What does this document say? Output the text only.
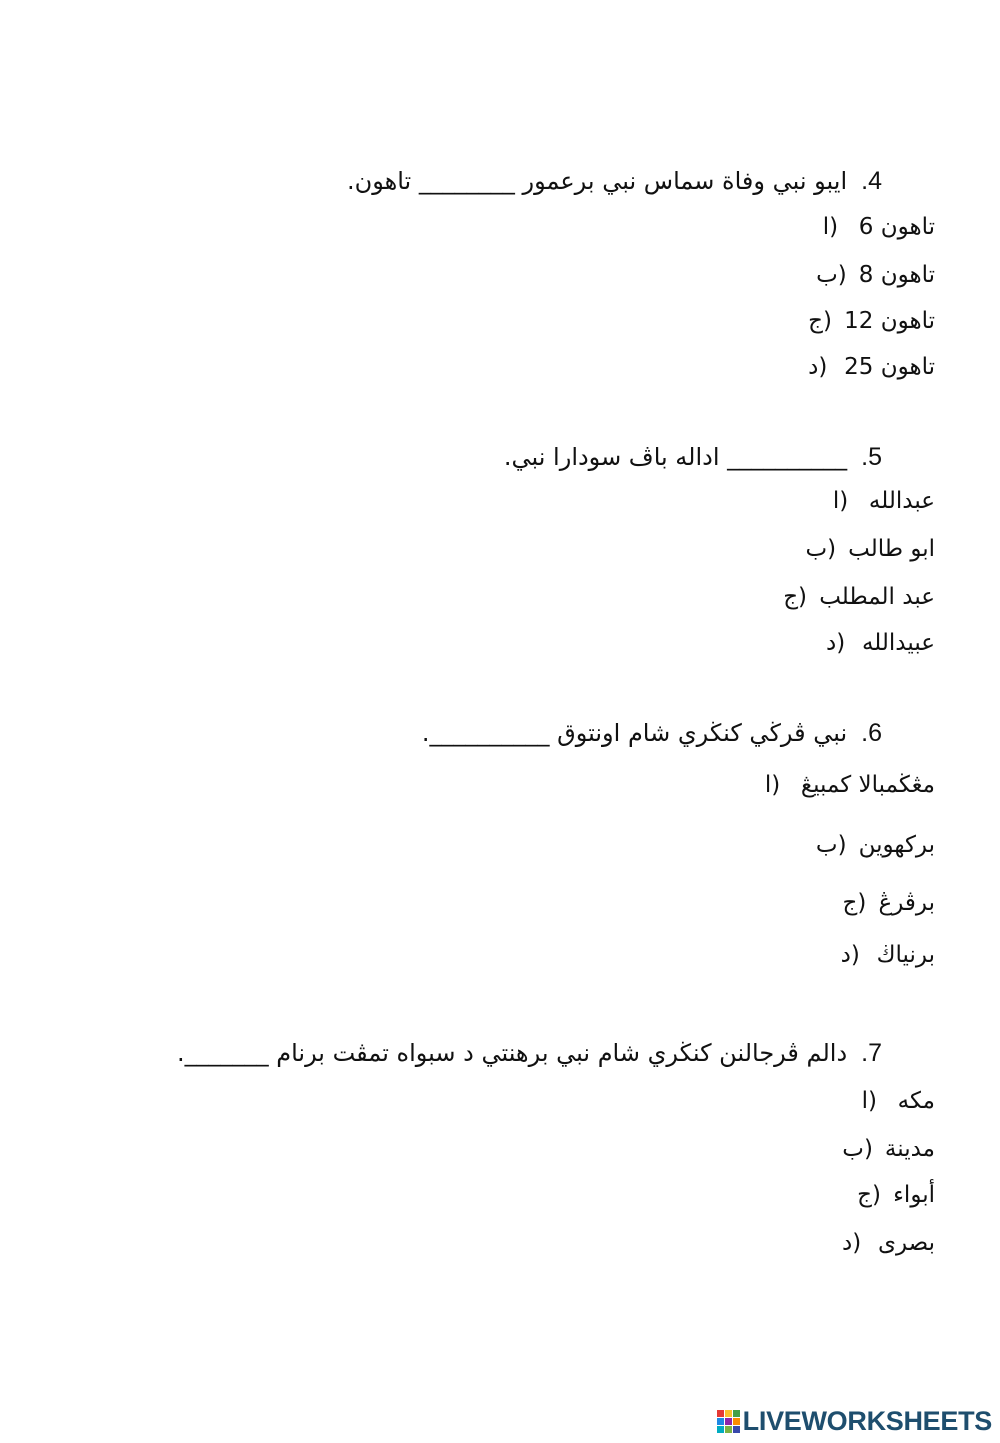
.4
ايبو نبي وفاة سماس نبي برعمور ________ تاهون.
ا) 6 تاهون
ب) 8 تاهون
ج) 12 تاهون
د) 25 تاهون
.5
__________ اداله باڤ سودارا نبي.
ا) عبدالله
ب) ابو طالب
ج) عبد المطلب
د) عبيدالله
.6
نبي ڤرڬي كنڬري شام اونتوق __________.
ا) مڠڬمبالا كمبيڠ
ب) بركهوين
ج) برڤرڠ
د) برنياڬ
.7
دالم ڤرجالنن كنڬري شام نبي برهنتي د سبواه تمڤت برنام _______.
ا) مكه
ب) مدينة
ج) أبواء
د) بصرى
LIVEWORKSHEETS
